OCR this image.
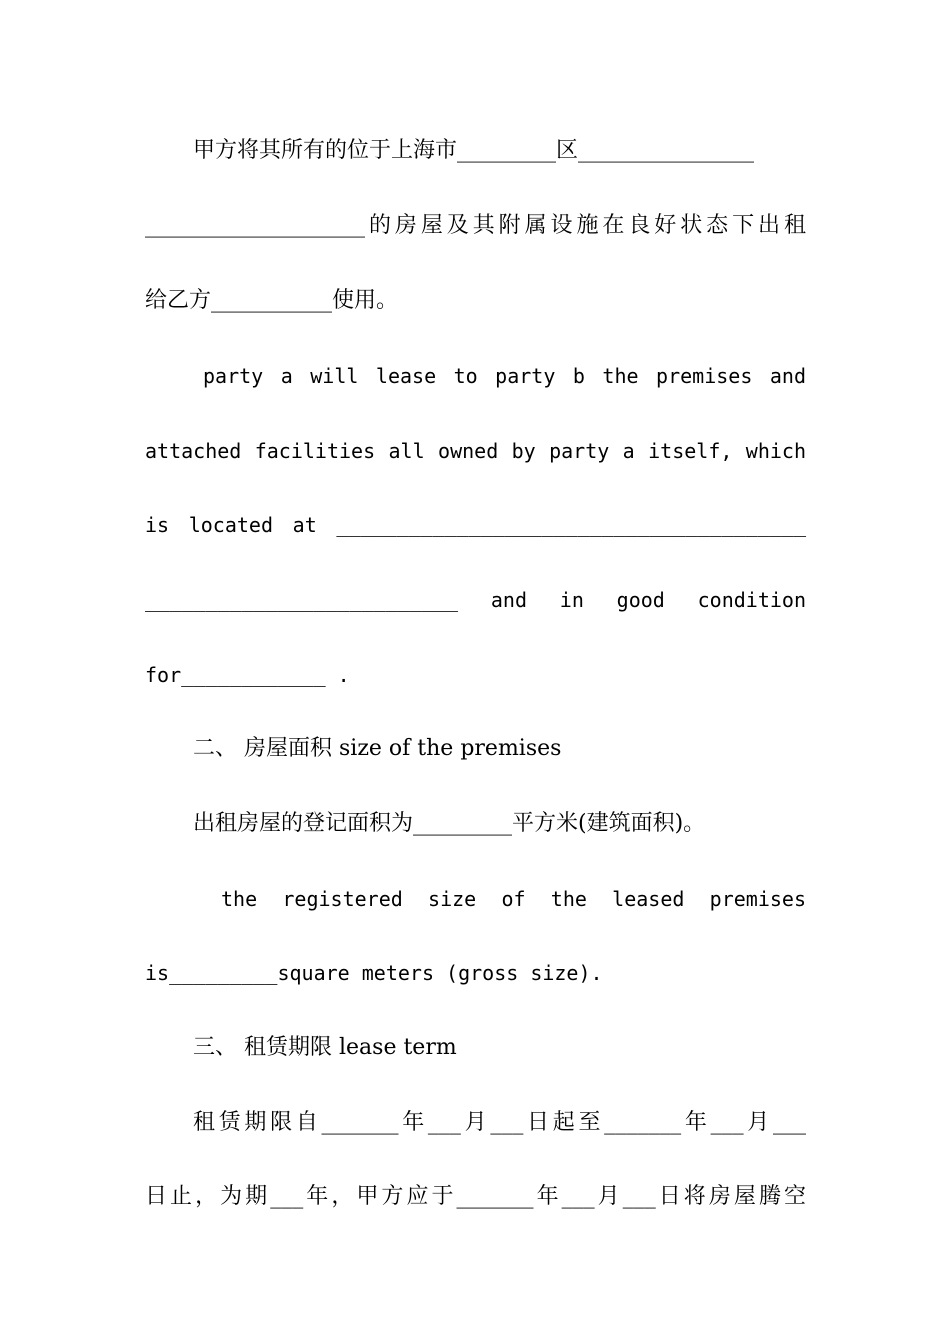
甲方将其所有的位于上海市_________区________________
____________________的房屋及其附属设施在良好状态下出租
给乙方___________使用。
party a will lease to party b the premises and
attached facilities all owned by party a itself, which
is located at _______________________________________
__________________________ and in good condition
for____________ .
二、 房屋面积 size of the premises
出租房屋的登记面积为_________平方米(建筑面积)。
the registered size of the leased premises
is_________square meters (gross size).
三、 租赁期限 lease term
租赁期限自_______年___月___日起至_______年___月___
日止，为期___年，甲方应于_______年___月___日将房屋腾空
